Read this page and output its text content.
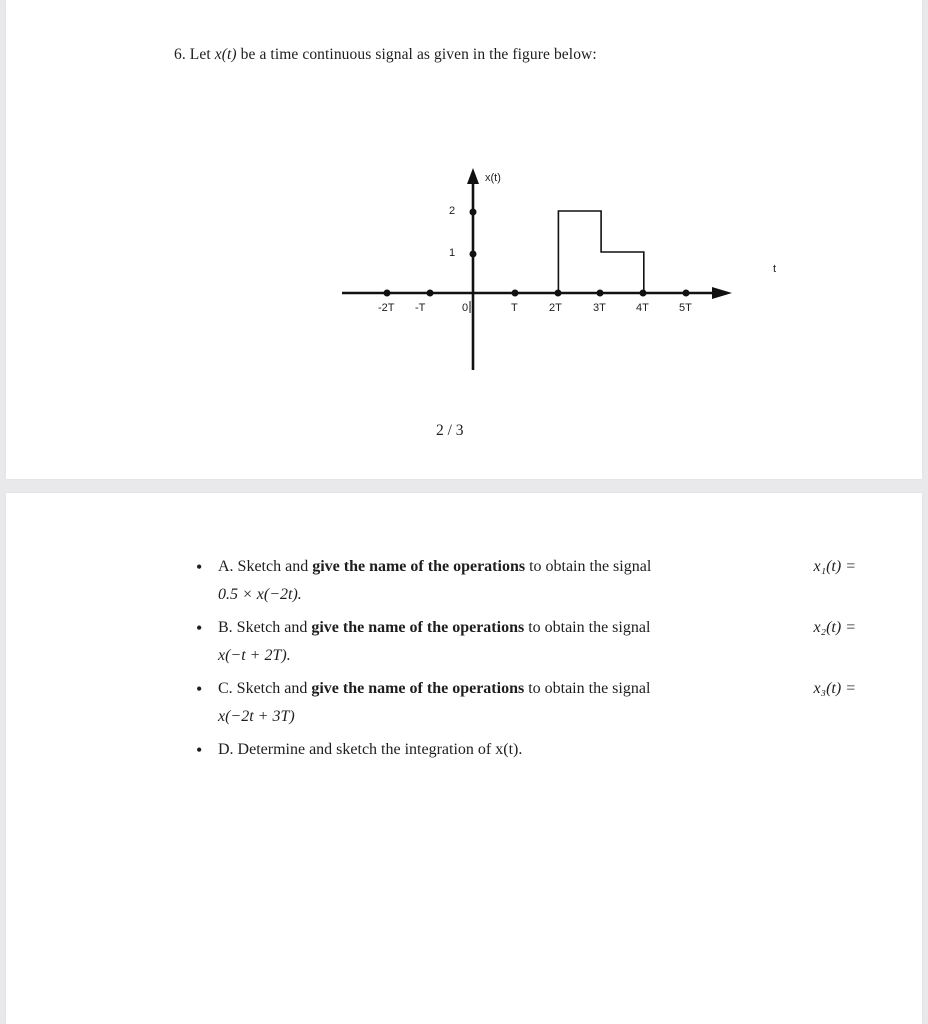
6. Let x(t) be a time continuous signal as given in the figure below:

x(t)
t
2
1
-2T -T	0	T	2T	3T	4T	5T
2 / 3
• A. Sketch and give the name of the operations to obtain the signal	x₁(t) =
0.5 × x(−2t).
• B. Sketch and give the name of the operations to obtain the signal	x₂(t) =
x(−t + 2T).
• C. Sketch and give the name of the operations to obtain the signal	x₃(t) =
x(−2t + 3T)
• D. Determine and sketch the integration of x(t).
